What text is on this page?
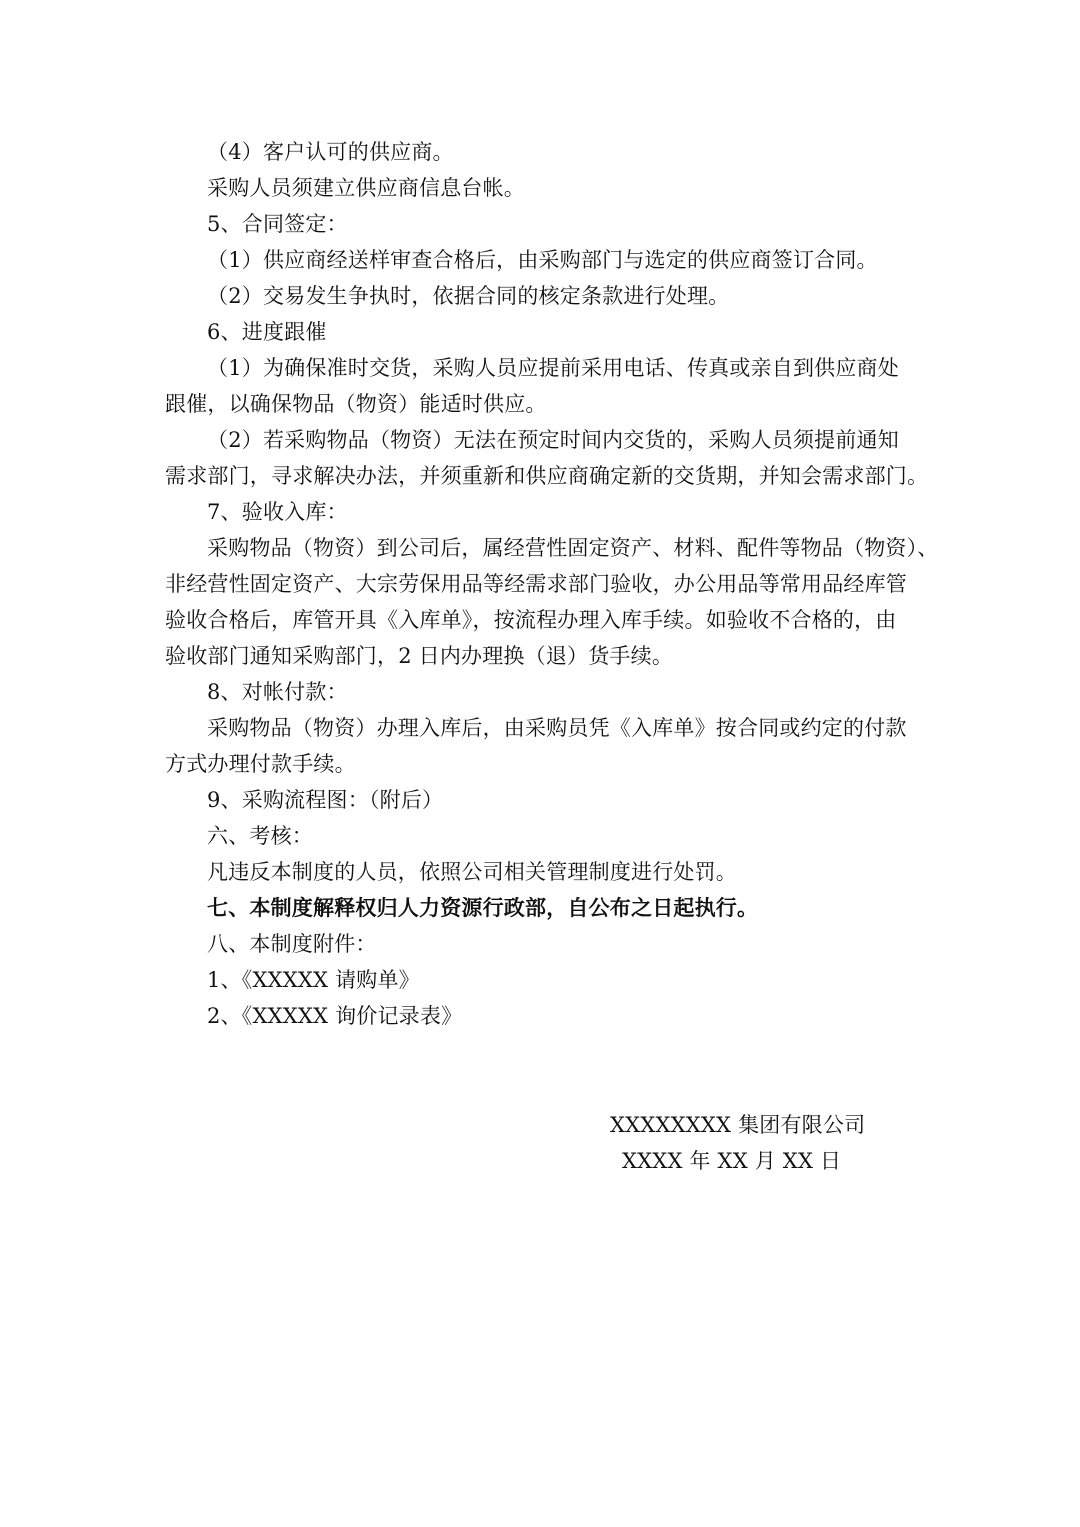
（4）客户认可的供应商。
采购人员须建立供应商信息台帐。
5、合同签定：
（1）供应商经送样审查合格后，由采购部门与选定的供应商签订合同。
（2）交易发生争执时，依据合同的核定条款进行处理。
6、进度跟催
（1）为确保准时交货，采购人员应提前采用电话、传真或亲自到供应商处
跟催，以确保物品（物资）能适时供应。
（2）若采购物品（物资）无法在预定时间内交货的，采购人员须提前通知
需求部门，寻求解决办法，并须重新和供应商确定新的交货期，并知会需求部门。
7、验收入库：
采购物品（物资）到公司后，属经营性固定资产、材料、配件等物品（物资）、
非经营性固定资产、大宗劳保用品等经需求部门验收，办公用品等常用品经库管
验收合格后，库管开具《入库单》，按流程办理入库手续。如验收不合格的，由
验收部门通知采购部门，2 日内办理换（退）货手续。
8、对帐付款：
采购物品（物资）办理入库后，由采购员凭《入库单》按合同或约定的付款
方式办理付款手续。
9、采购流程图：（附后）
六、考核：
凡违反本制度的人员，依照公司相关管理制度进行处罚。
七、本制度解释权归人力资源行政部，自公布之日起执行。
八、本制度附件：
1、《XXXXX 请购单》
2、《XXXXX 询价记录表》
XXXXXXXX 集团有限公司
XXXX 年 XX 月 XX 日
